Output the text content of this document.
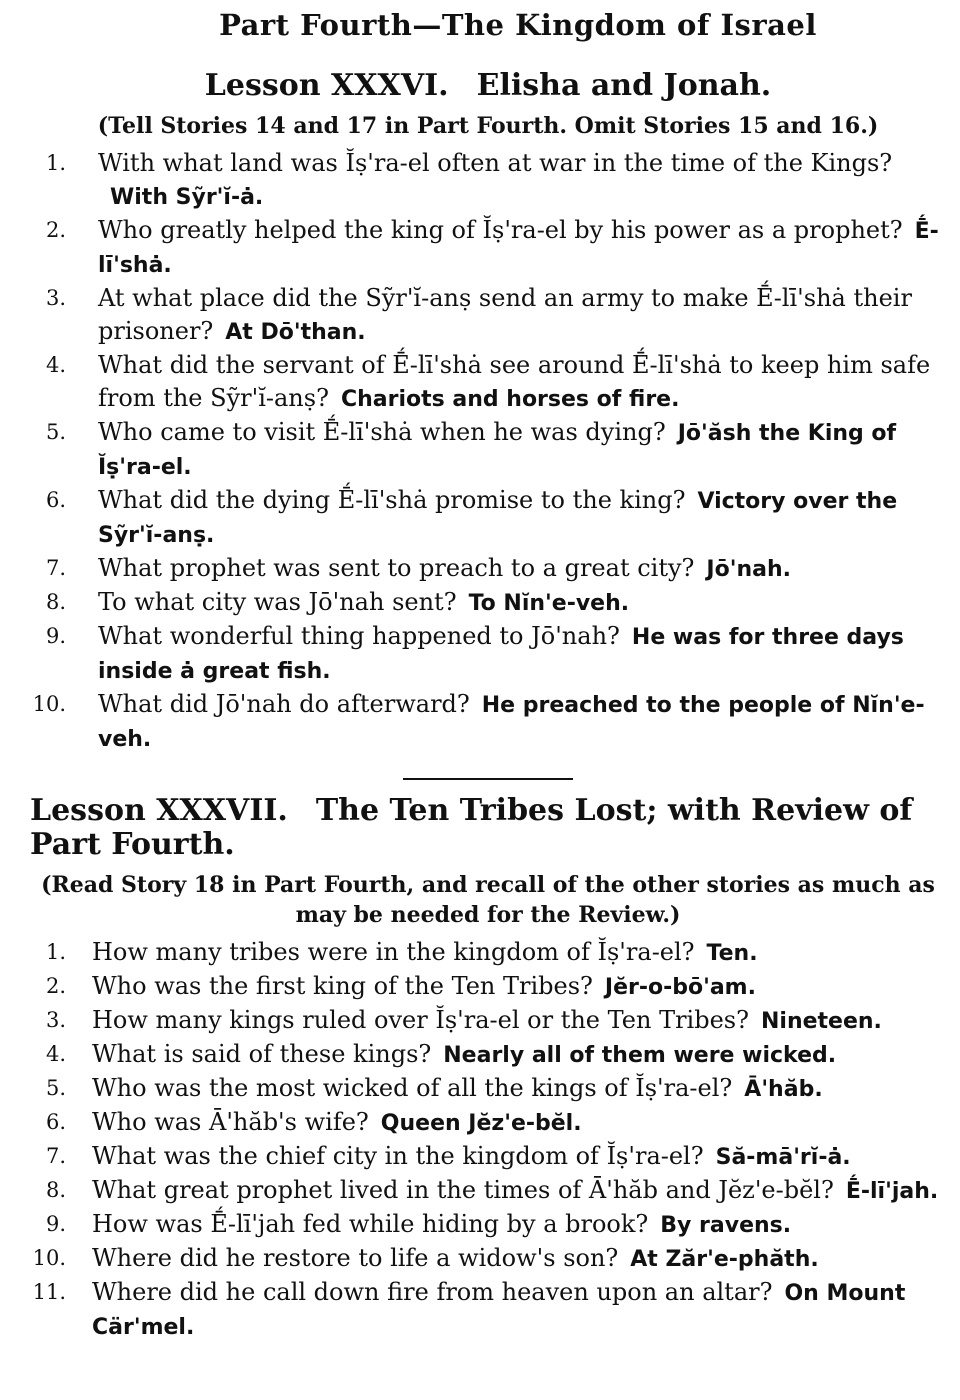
Part Fourth—The Kingdom of Israel
Lesson XXXVI. Elisha and Jonah.
(Tell Stories 14 and 17 in Part Fourth. Omit Stories 15 and 16.)
1. With what land was Ĭṣ'ra-el often at war in the time of the Kings?With Sỹr'ĭ-ȧ.
2. Who greatly helped the king of Ĭṣ'ra-el by his power as a prophet? Ḗ-lī'shȧ.
3. At what place did the Sỹr'ĭ-anṣ send an army to make Ḗ-lī'shȧ their prisoner? At Dō'than.
4. What did the servant of Ḗ-lī'shȧ see around Ḗ-lī'shȧ to keep him safe from the Sỹr'ĭ-anṣ? Chariots and horses of fire.
5. Who came to visit Ḗ-lī'shȧ when he was dying? Jō'ăsh the King of Ĭṣ'ra-el.
6. What did the dying Ḗ-lī'shȧ promise to the king? Victory over the Sỹr'ĭ-anṣ.
7. What prophet was sent to preach to a great city? Jō'nah.
8. To what city was Jō'nah sent? To Nĭn'e-veh.
9. What wonderful thing happened to Jō'nah? He was for three days inside ȧ great fish.
10. What did Jō'nah do afterward? He preached to the people of Nĭn'e-veh.
Lesson XXXVII. The Ten Tribes Lost; with Review of Part Fourth.
(Read Story 18 in Part Fourth, and recall of the other stories as much as may be needed for the Review.)
1. How many tribes were in the kingdom of Ĭṣ'ra-el? Ten.
2. Who was the first king of the Ten Tribes? Jĕr-o-bō'am.
3. How many kings ruled over Ĭṣ'ra-el or the Ten Tribes? Nineteen.
4. What is said of these kings? Nearly all of them were wicked.
5. Who was the most wicked of all the kings of Ĭṣ'ra-el? Ā'hăb.
6. Who was Ā'hăb's wife? Queen Jĕz'e-bĕl.
7. What was the chief city in the kingdom of Ĭṣ'ra-el? Să-mā'rĭ-ȧ.
8. What great prophet lived in the times of Ā'hăb and Jĕz'e-bĕl? Ḗ-lī'jah.
9. How was Ḗ-lī'jah fed while hiding by a brook? By ravens.
10. Where did he restore to life a widow's son? At Zăr'e-phăth.
11. Where did he call down fire from heaven upon an altar? On Mount Cär'mel.
